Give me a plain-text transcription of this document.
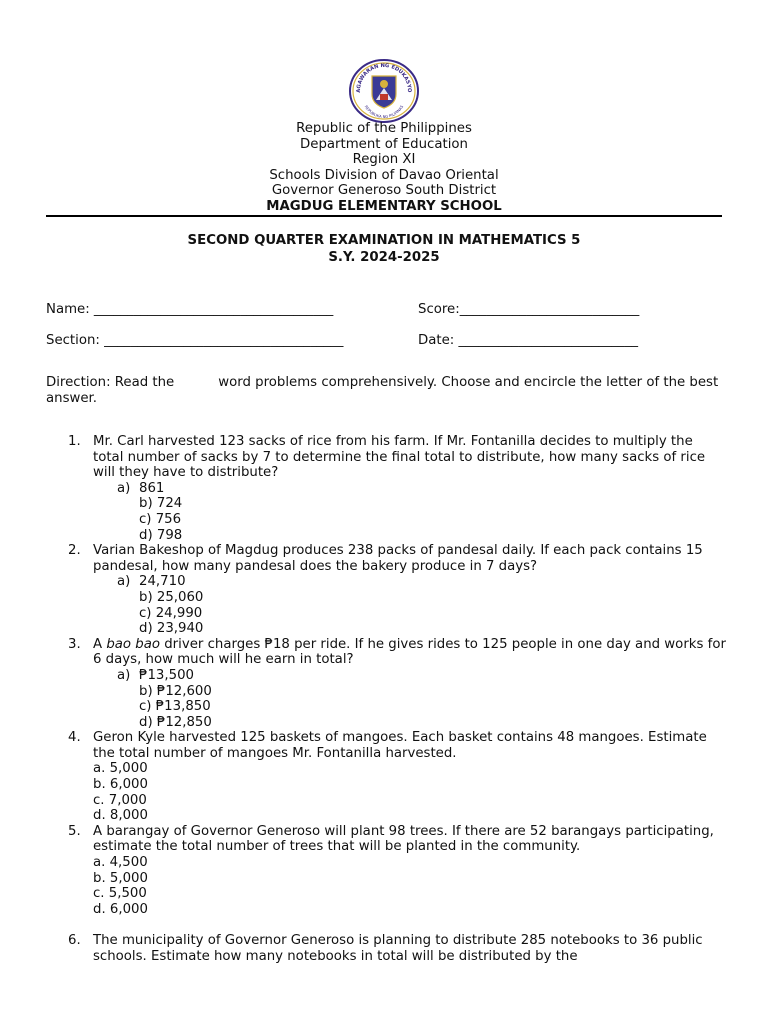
AGAWARAN NG EDUKASYO
REPUBLIKA NG PILIPINAS
Republic of the Philippines
Department of Education
Region XI
Schools Division of Davao Oriental
Governor Generoso South District
MAGDUG ELEMENTARY SCHOOL
SECOND QUARTER EXAMINATION IN MATHEMATICS 5
S.Y. 2024-2025
Name: ____________________________________	Score:___________________________
Section: ____________________________________	Date: ___________________________
Direction: Read the	word problems comprehensively. Choose and encircle the letter of the best answer.
1. Mr. Carl harvested 123 sacks of rice from his farm. If Mr. Fontanilla decides to multiply the total number of sacks by 7 to determine the final total to distribute, how many sacks of rice will they have to distribute?
a) 861
b) 724
c) 756
d) 798
2. Varian Bakeshop of Magdug produces 238 packs of pandesal daily. If each pack contains 15 pandesal, how many pandesal does the bakery produce in 7 days?
a) 24,710
b) 25,060
c) 24,990
d) 23,940
3. A bao bao driver charges ₱18 per ride. If he gives rides to 125 people in one day and works for 6 days, how much will he earn in total?
a) ₱13,500
b) ₱12,600
c) ₱13,850
d) ₱12,850
4. Geron Kyle harvested 125 baskets of mangoes. Each basket contains 48 mangoes. Estimate the total number of mangoes Mr. Fontanilla harvested.
a. 5,000
b. 6,000
c. 7,000
d. 8,000
5. A barangay of Governor Generoso will plant 98 trees. If there are 52 barangays participating, estimate the total number of trees that will be planted in the community.
a. 4,500
b. 5,000
c. 5,500
d. 6,000
6. The municipality of Governor Generoso is planning to distribute 285 notebooks to 36 public schools. Estimate how many notebooks in total will be distributed by the
